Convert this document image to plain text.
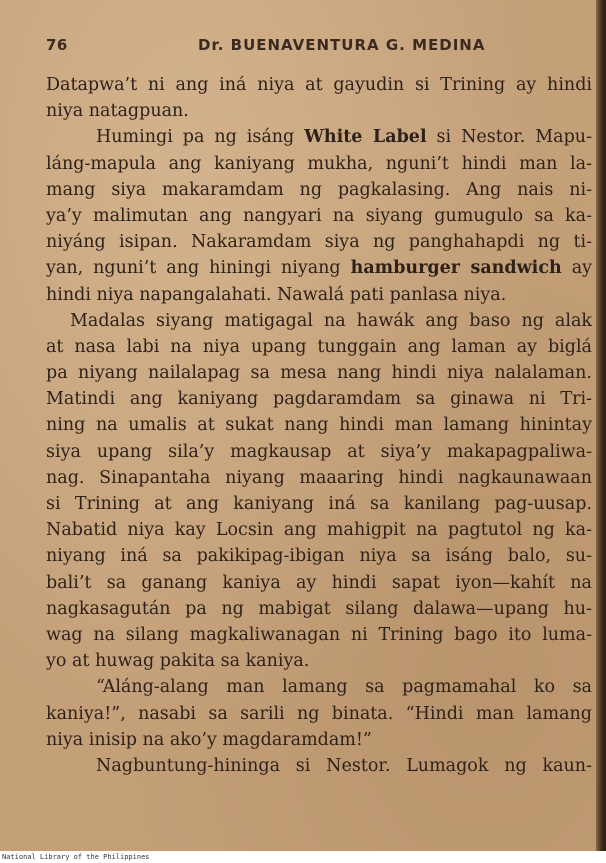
76	Dr. BUENAVENTURA G. MEDINA
Datapwa’t ni ang iná niya at gayudin si Trining ay hindi
niya natagpuan.
Humingi pa ng isáng White Label si Nestor. Mapu-
láng-mapula ang kaniyang mukha, nguni’t hindi man la-
mang siya makaramdam ng pagkalasing. Ang nais ni-
ya’y malimutan ang nangyari na siyang gumugulo sa ka-
niyáng isipan. Nakaramdam siya ng panghahapdi ng ti-
yan, nguni’t ang hiningi niyang hamburger sandwich ay
hindi niya napangalahati. Nawalá pati panlasa niya.
Madalas siyang matigagal na hawák ang baso ng alak
at nasa labi na niya upang tunggain ang laman ay biglá
pa niyang nailalapag sa mesa nang hindi niya nalalaman.
Matindi ang kaniyang pagdaramdam sa ginawa ni Tri-
ning na umalis at sukat nang hindi man lamang hinintay
siya upang sila’y magkausap at siya’y makapagpaliwa-
nag. Sinapantaha niyang maaaring hindi nagkaunawaan
si Trining at ang kaniyang iná sa kanilang pag-uusap.
Nabatid niya kay Locsin ang mahigpit na pagtutol ng ka-
niyang iná sa pakikipag-ibigan niya sa isáng balo, su-
bali’t sa ganang kaniya ay hindi sapat iyon—kahít na
nagkasagután pa ng mabigat silang dalawa—upang hu-
wag na silang magkaliwanagan ni Trining bago ito luma-
yo at huwag pakita sa kaniya.
“Aláng-alang man lamang sa pagmamahal ko sa
kaniya!”, nasabi sa sarili ng binata. “Hindi man lamang
niya inisip na ako’y magdaramdam!”
Nagbuntung-hininga si Nestor. Lumagok ng kaun-
National Library of the Philippines
